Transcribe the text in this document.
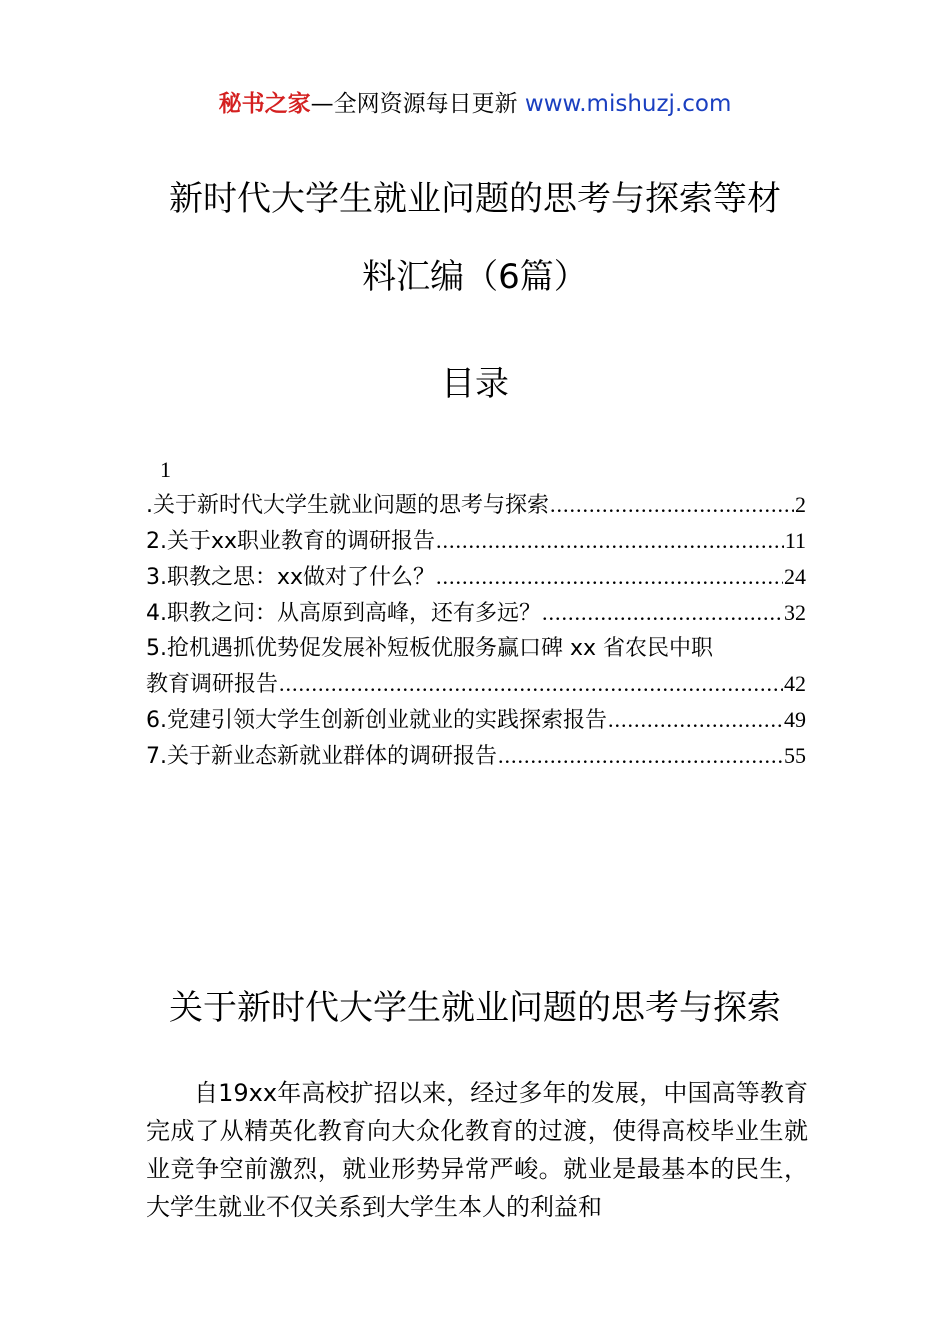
秘书之家—全网资源每日更新 www.mishuzj.com
新时代大学生就业问题的思考与探索等材
料汇编（6篇）
目录
1
.关于新时代大学生就业问题的思考与探索 .....	2
2.关于xx职业教育的调研报告 .....	11
3.职教之思：xx做对了什么？ .....	24
4.职教之问：从高原到高峰，还有多远？ .....	32
5.抢机遇抓优势促发展补短板优服务赢口碑 xx 省农民中职
教育调研报告 .....	42
6.党建引领大学生创新创业就业的实践探索报告 .....	49
7.关于新业态新就业群体的调研报告 .....	55
关于新时代大学生就业问题的思考与探索
自19xx年高校扩招以来，经过多年的发展，中国高等教育完成了从精英化教育向大众化教育的过渡，使得高校毕业生就业竞争空前激烈，就业形势异常严峻。就业是最基本的民生，大学生就业不仅关系到大学生本人的利益和
